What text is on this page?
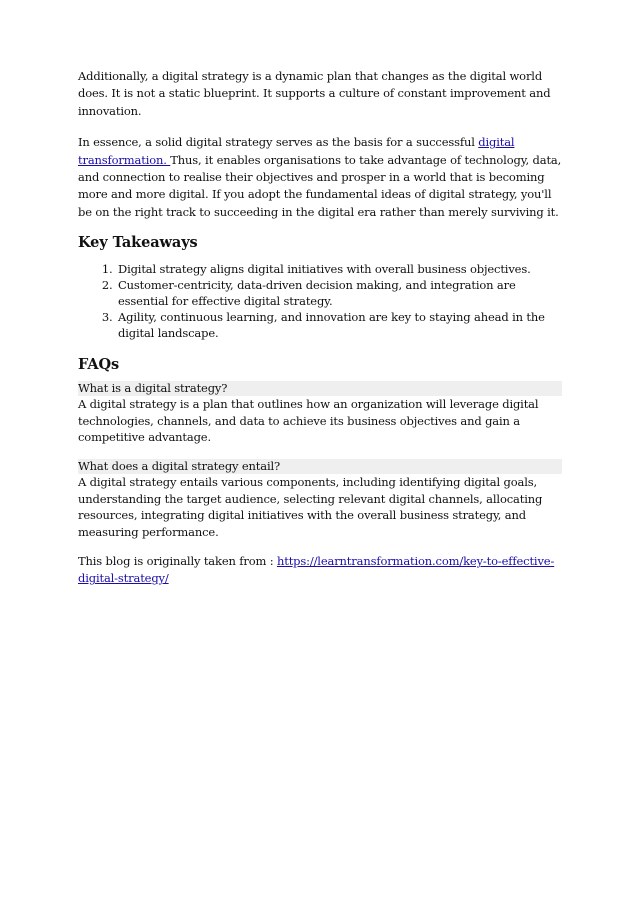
Additionally, a digital strategy is a dynamic plan that changes as the digital world does. It is not a static blueprint. It supports a culture of constant improvement and innovation.

In essence, a solid digital strategy serves as the basis for a successful digital transformation. Thus, it enables organisations to take advantage of technology, data, and connection to realise their objectives and prosper in a world that is becoming more and more digital. If you adopt the fundamental ideas of digital strategy, you'll be on the right track to succeeding in the digital era rather than merely surviving it.

Key Takeaways
1. Digital strategy aligns digital initiatives with overall business objectives.
2. Customer-centricity, data-driven decision making, and integration are essential for effective digital strategy.
3. Agility, continuous learning, and innovation are key to staying ahead in the digital landscape.
FAQs
What is a digital strategy?
A digital strategy is a plan that outlines how an organization will leverage digital technologies, channels, and data to achieve its business objectives and gain a competitive advantage.
What does a digital strategy entail?
A digital strategy entails various components, including identifying digital goals, understanding the target audience, selecting relevant digital channels, allocating resources, integrating digital initiatives with the overall business strategy, and measuring performance.

This blog is originally taken from : https://learntransformation.com/key-to-effective-digital-strategy/
